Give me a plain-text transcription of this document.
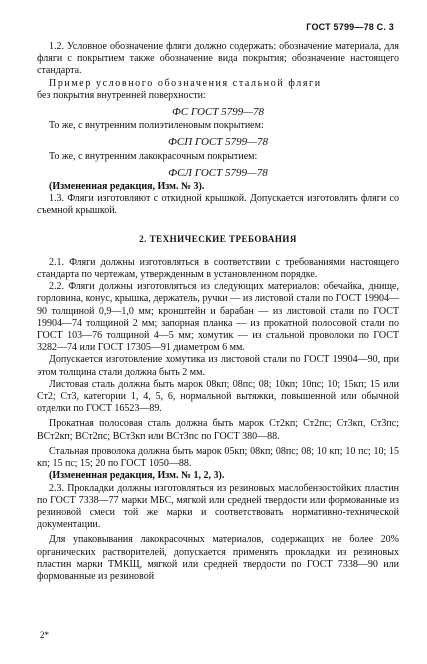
ГОСТ 5799—78 С. 3

1.2. Условное обозначение фляги должно содержать: обозначение материала, для фляги с покрытием также обозначение вида покрытия; обозначение настоящего стандарта.

Пример условного обозначения стальной фляги

без покрытия внутренней поверхности:

ФС ГОСТ 5799—78

То же, с внутренним полиэтиленовым покрытием:

ФСП ГОСТ 5799—78

То же, с внутренним лакокрасочным покрытием:

ФСЛ ГОСТ 5799—78

(Измененная редакция, Изм. № 3).

1.3. Фляги изготовляют с откидной крышкой. Допускается изготовлять фляги со съемной крышкой.

2. ТЕХНИЧЕСКИЕ ТРЕБОВАНИЯ

2.1. Фляги должны изготовляться в соответствии с требованиями настоящего стандарта по чертежам, утвержденным в установленном порядке.

2.2. Фляги должны изготовляться из следующих материалов: обечайка, днище, горловина, конус, крышка, держатель, ручки — из листовой стали по ГОСТ 19904—90 толщиной 0,9—1,0 мм; кронштейн и барабан — из листовой стали по ГОСТ 19904—74 толщиной 2 мм; запорная планка — из прокатной полосовой стали по ГОСТ 103—76 толщиной 4—5 мм; хомутик — из стальной проволоки по ГОСТ 3282—74 или ГОСТ 17305—91 диаметром 6 мм.

Допускается изготовление хомутика из листовой стали по ГОСТ 19904—90, при этом толщина стали должна быть 2 мм.

Листовая сталь должна быть марок 08кп; 08пс; 08; 10кп; 10пс; 10; 15кп; 15 или Ст2; Ст3, категории 1, 4, 5, 6, нормальной вытяжки, повышенной или обычной отделки по ГОСТ 16523—89.

Прокатная полосовая сталь должна быть марок Ст2кп; Ст2пс; Ст3кп, Ст3пс; ВСт2кп; ВСт2пс; ВСт3кп или ВСт3пс по ГОСТ 380—88.

Стальная проволока должна быть марок 05кп; 08кп; 08пс; 08; 10 кп; 10 пс; 10; 15 кп; 15 пс; 15; 20 по ГОСТ 1050—88.

(Измененная редакция, Изм. № 1, 2, 3).

2.3. Прокладки должны изготовляться из резиновых маслобензостойких пластин по ГОСТ 7338—77 марки МБС, мягкой или средней твердости или формованные из резиновой смеси той же марки и соответствовать нормативно-технической документации.

Для упаковывания лакокрасочных материалов, содержащих не более 20% органических растворителей, допускается применять прокладки из резиновых пластин марки ТМКЩ, мягкой или средней твердости по ГОСТ 7338—90 или формованные из резиновой

2*
